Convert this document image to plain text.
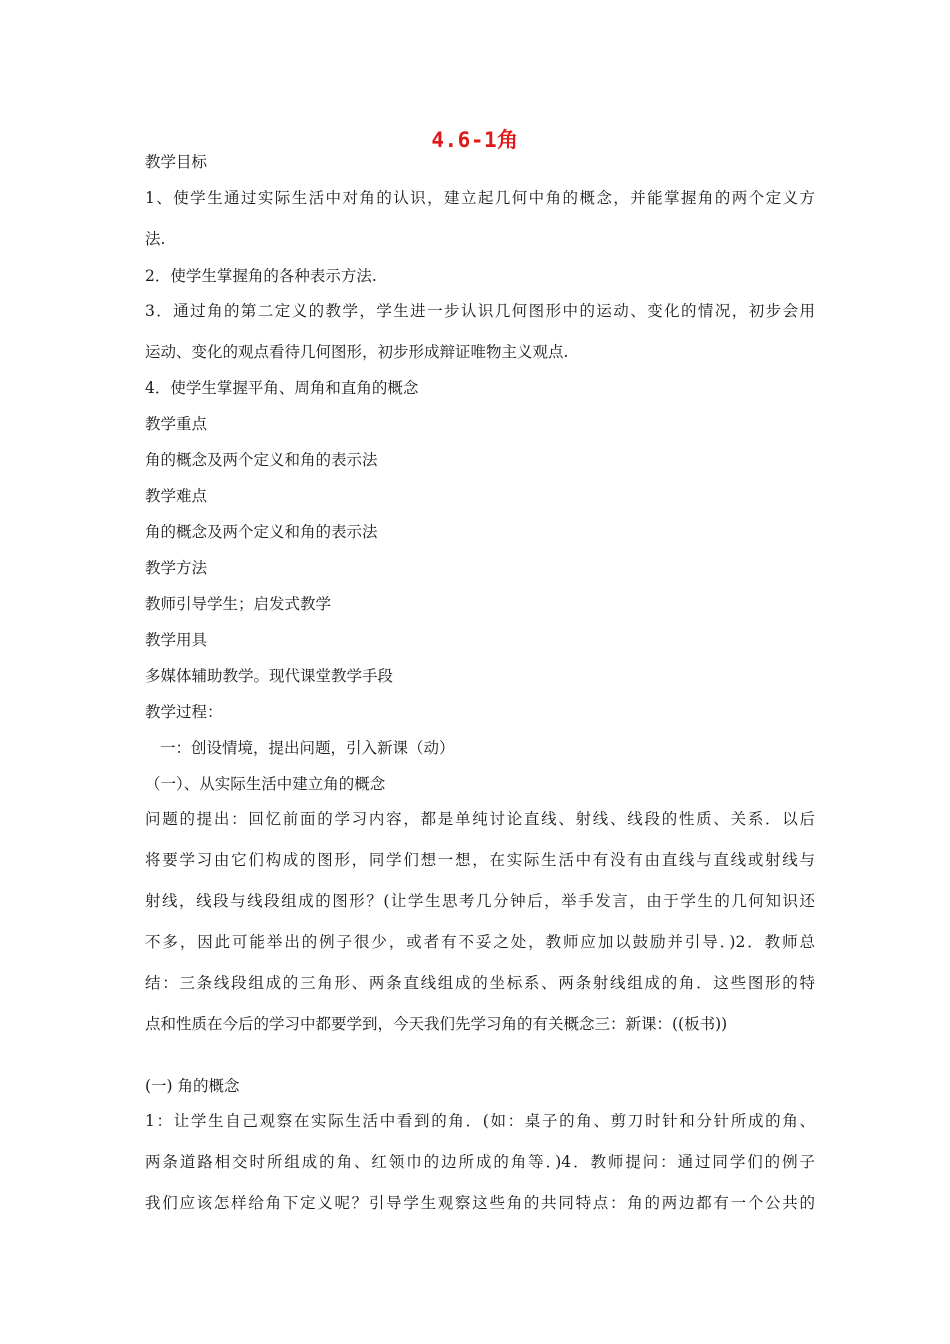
4.6-1角
教学目标
1、使学生通过实际生活中对角的认识，建立起几何中角的概念，并能掌握角的两个定义方
法.
2．使学生掌握角的各种表示方法.
3．通过角的第二定义的教学，学生进一步认识几何图形中的运动、变化的情况，初步会用
运动、变化的观点看待几何图形，初步形成辩证唯物主义观点.
4．使学生掌握平角、周角和直角的概念
教学重点
角的概念及两个定义和角的表示法
教学难点
角的概念及两个定义和角的表示法
教学方法
教师引导学生；启发式教学
教学用具
多媒体辅助教学。现代课堂教学手段
教学过程：
一：创设情境，提出问题，引入新课（动）
（一）、从实际生活中建立角的概念
问题的提出：回忆前面的学习内容，都是单纯讨论直线、射线、线段的性质、关系．以后
将要学习由它们构成的图形，同学们想一想，在实际生活中有没有由直线与直线或射线与
射线，线段与线段组成的图形？(让学生思考几分钟后，举手发言，由于学生的几何知识还
不多，因此可能举出的例子很少，或者有不妥之处，教师应加以鼓励并引导．)2．教师总
结：三条线段组成的三角形、两条直线组成的坐标系、两条射线组成的角．这些图形的特
点和性质在今后的学习中都要学到，今天我们先学习角的有关概念三：新课：((板书))
(一) 角的概念
1：让学生自己观察在实际生活中看到的角．(如：桌子的角、剪刀时针和分针所成的角、
两条道路相交时所组成的角、红领巾的边所成的角等．)4．教师提问：通过同学们的例子
我们应该怎样给角下定义呢？引导学生观察这些角的共同特点：角的两边都有一个公共的
